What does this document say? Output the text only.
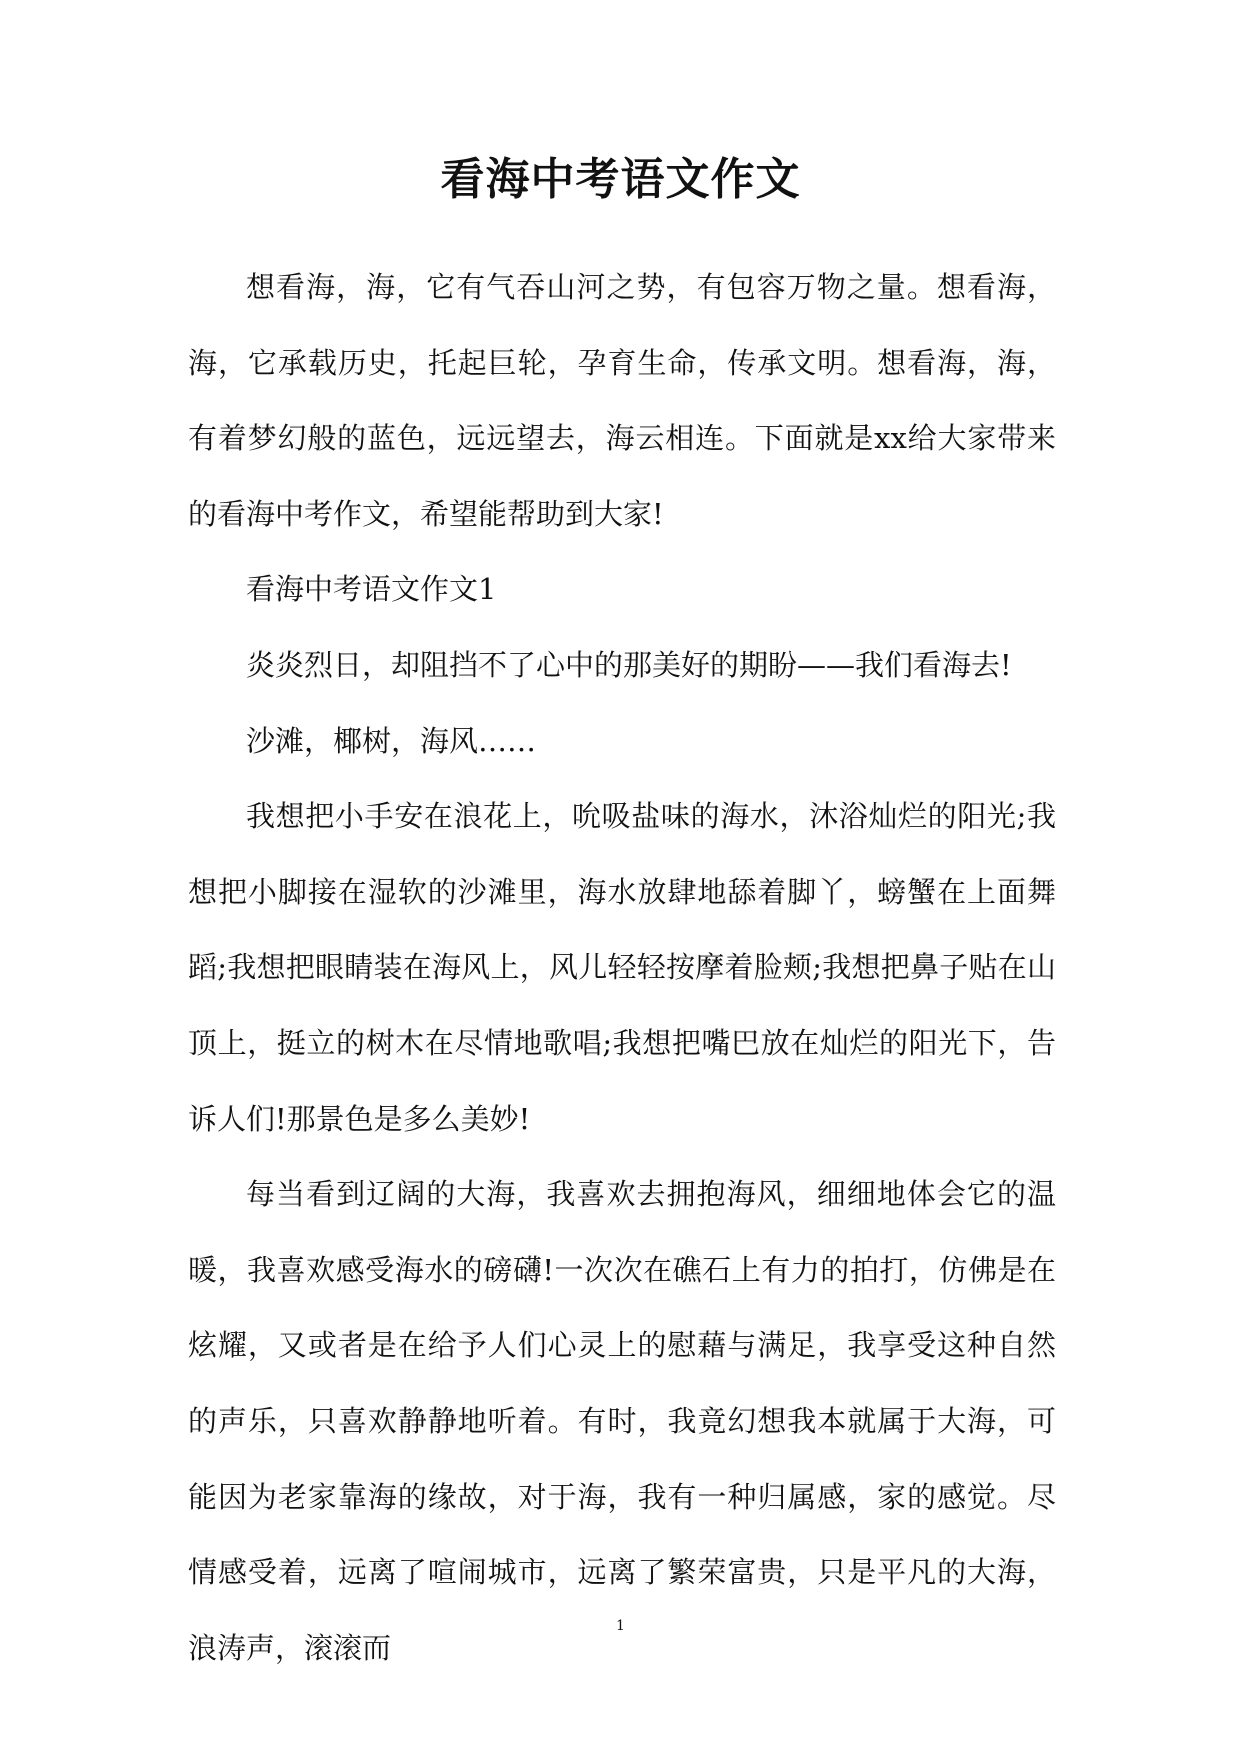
看海中考语文作文

想看海，海，它有气吞山河之势，有包容万物之量。想看海，海，它承载历史，托起巨轮，孕育生命，传承文明。想看海，海，有着梦幻般的蓝色，远远望去，海云相连。下面就是xx给大家带来的看海中考作文，希望能帮助到大家!

看海中考语文作文1

炎炎烈日，却阻挡不了心中的那美好的期盼——我们看海去!

沙滩，椰树，海风……

我想把小手安在浪花上，吮吸盐味的海水，沐浴灿烂的阳光;我想把小脚接在湿软的沙滩里，海水放肆地舔着脚丫，螃蟹在上面舞蹈;我想把眼睛装在海风上，风儿轻轻按摩着脸颊;我想把鼻子贴在山顶上，挺立的树木在尽情地歌唱;我想把嘴巴放在灿烂的阳光下，告诉人们!那景色是多么美妙!

每当看到辽阔的大海，我喜欢去拥抱海风，细细地体会它的温暖，我喜欢感受海水的磅礴!一次次在礁石上有力的拍打，仿佛是在炫耀，又或者是在给予人们心灵上的慰藉与满足，我享受这种自然的声乐，只喜欢静静地听着。有时，我竟幻想我本就属于大海，可能因为老家靠海的缘故，对于海，我有一种归属感，家的感觉。尽情感受着，远离了喧闹城市，远离了繁荣富贵，只是平凡的大海，浪涛声，滚滚而

1
